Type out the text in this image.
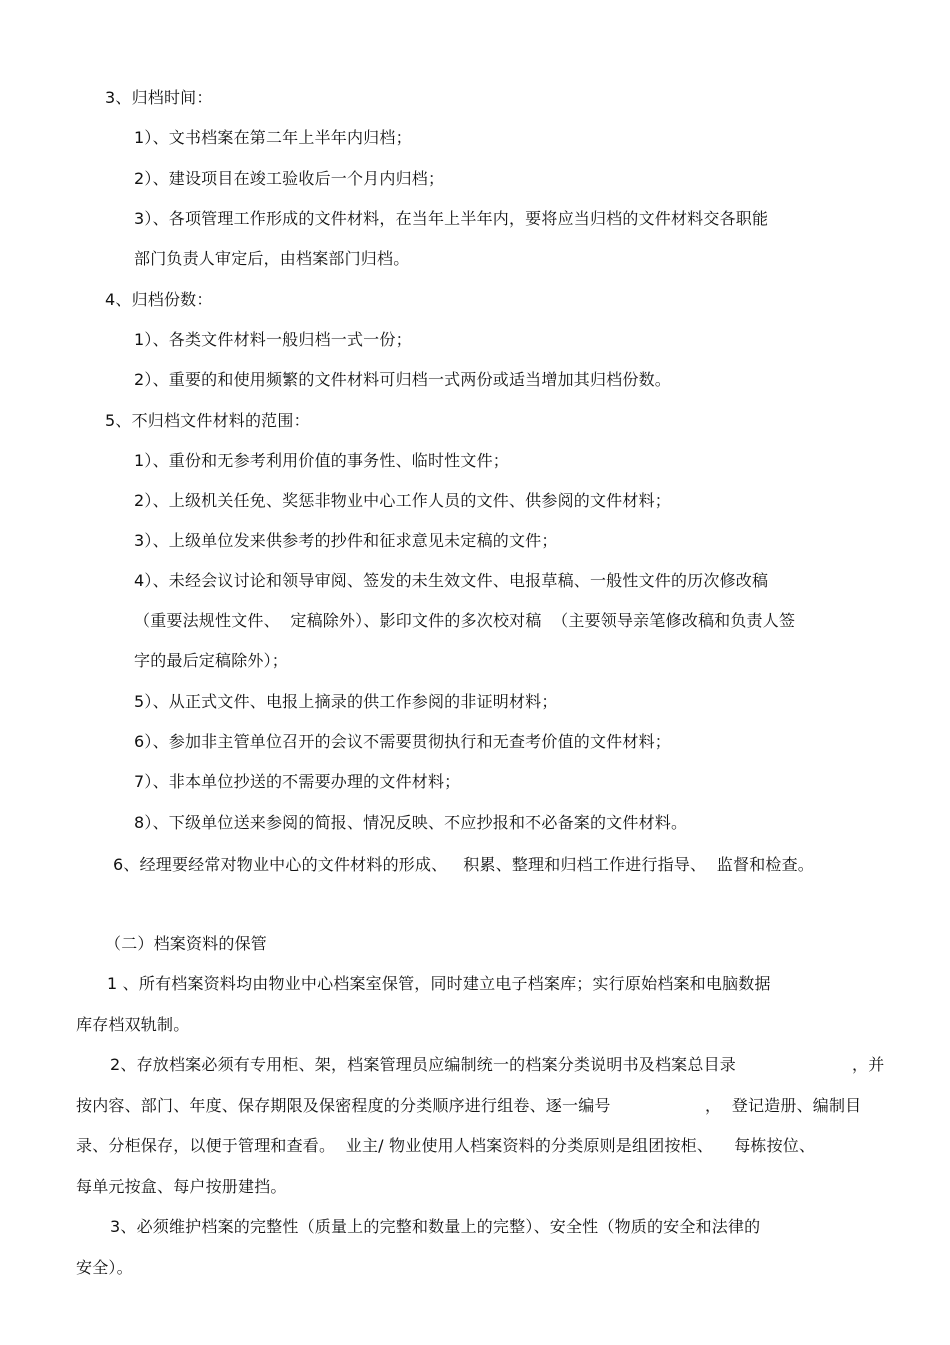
3、归档时间：
1）、文书档案在第二年上半年内归档；
2）、建设项目在竣工验收后一个月内归档；
3）、各项管理工作形成的文件材料，在当年上半年内，要将应当归档的文件材料交各职能
部门负责人审定后，由档案部门归档。
4、归档份数：
1）、各类文件材料一般归档一式一份；
2）、重要的和使用频繁的文件材料可归档一式两份或适当增加其归档份数。
5、不归档文件材料的范围：
1）、重份和无参考利用价值的事务性、临时性文件；
2）、上级机关任免、奖惩非物业中心工作人员的文件、供参阅的文件材料；
3）、上级单位发来供参考的抄件和征求意见未定稿的文件；
4）、未经会议讨论和领导审阅、签发的未生效文件、电报草稿、一般性文件的历次修改稿
（重要法规性文件、  定稿除外）、影印文件的多次校对稿  （主要领导亲笔修改稿和负责人签
字的最后定稿除外）；
5）、从正式文件、电报上摘录的供工作参阅的非证明材料；
6）、参加非主管单位召开的会议不需要贯彻执行和无查考价值的文件材料；
7）、非本单位抄送的不需要办理的文件材料；
8）、下级单位送来参阅的简报、情况反映、不应抄报和不必备案的文件材料。
6、经理要经常对物业中心的文件材料的形成、   积累、整理和归档工作进行指导、  监督和检查。
（二）档案资料的保管
1 、所有档案资料均由物业中心档案室保管，同时建立电子档案库；实行原始档案和电脑数据
库存档双轨制。
2、存放档案必须有专用柜、架，档案管理员应编制统一的档案分类说明书及档案总目录	，并
按内容、部门、年度、保存期限及保密程度的分类顺序进行组卷、逐一编号	，  登记造册、编制目
录、分柜保存，以便于管理和查看。  业主/ 物业使用人档案资料的分类原则是组团按柜、    每栋按位、
每单元按盒、每户按册建挡。
3、必须维护档案的完整性（质量上的完整和数量上的完整）、安全性（物质的安全和法律的
安全）。
